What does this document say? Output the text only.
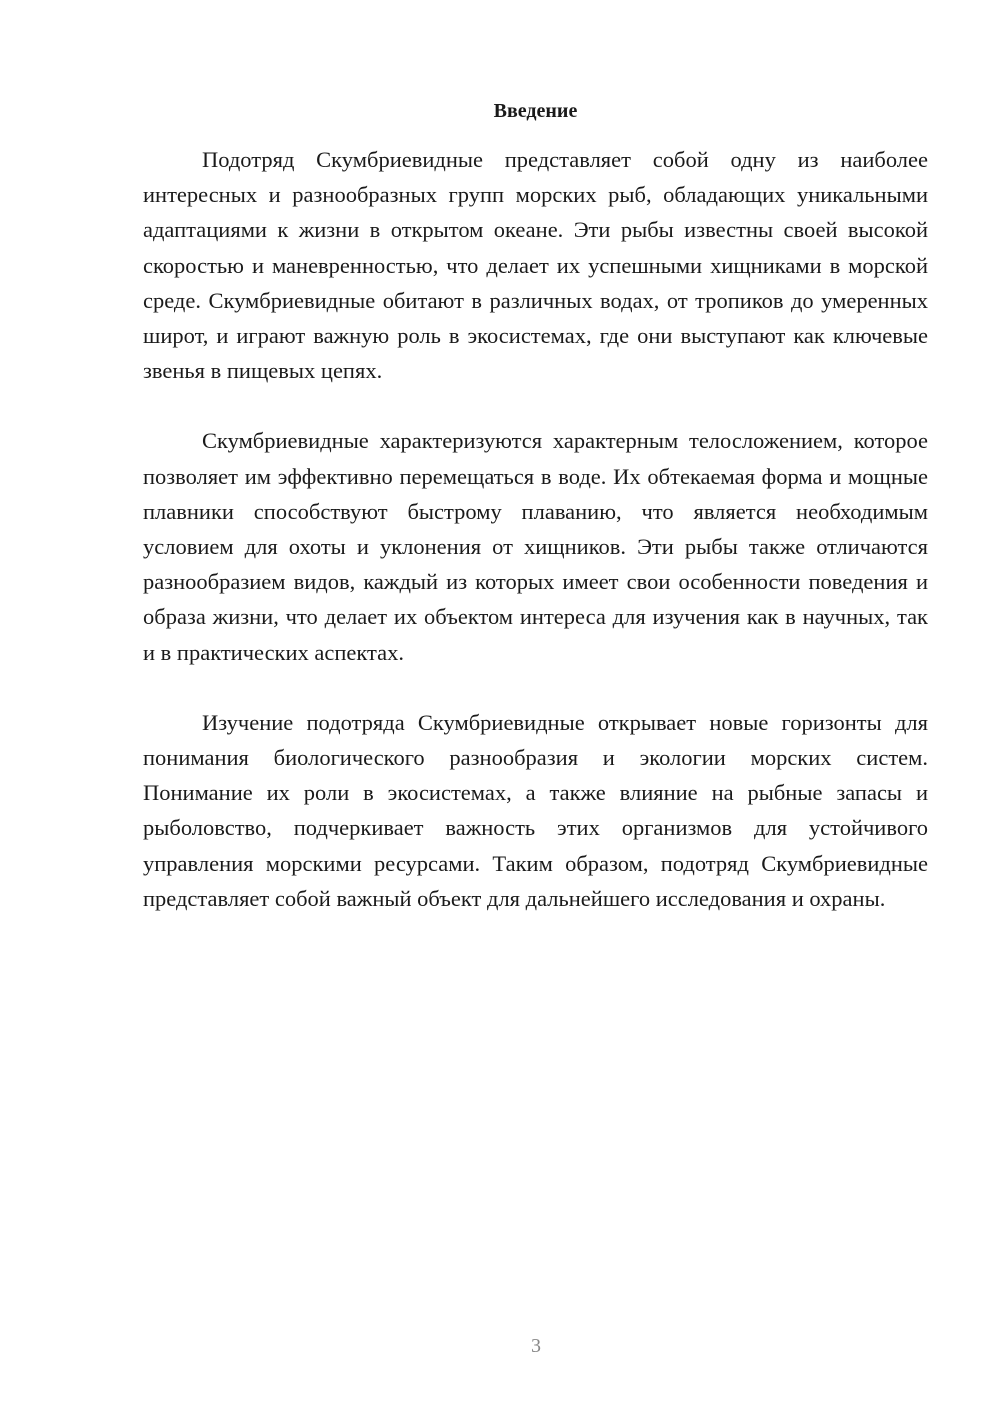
Введение

Подотряд Скумбриевидные представляет собой одну из наиболее интересных и разнообразных групп морских рыб, обладающих уникальными адаптациями к жизни в открытом океане. Эти рыбы известны своей высокой скоростью и маневренностью, что делает их успешными хищниками в морской среде. Скумбриевидные обитают в различных водах, от тропиков до умеренных широт, и играют важную роль в экосистемах, где они выступают как ключевые звенья в пищевых цепях.

Скумбриевидные характеризуются характерным телосложением, которое позволяет им эффективно перемещаться в воде. Их обтекаемая форма и мощные плавники способствуют быстрому плаванию, что является необходимым условием для охоты и уклонения от хищников. Эти рыбы также отличаются разнообразием видов, каждый из которых имеет свои особенности поведения и образа жизни, что делает их объектом интереса для изучения как в научных, так и в практических аспектах.

Изучение подотряда Скумбриевидные открывает новые горизонты для понимания биологического разнообразия и экологии морских систем. Понимание их роли в экосистемах, а также влияние на рыбные запасы и рыболовство, подчеркивает важность этих организмов для устойчивого управления морскими ресурсами. Таким образом, подотряд Скумбриевидные представляет собой важный объект для дальнейшего исследования и охраны.

3
